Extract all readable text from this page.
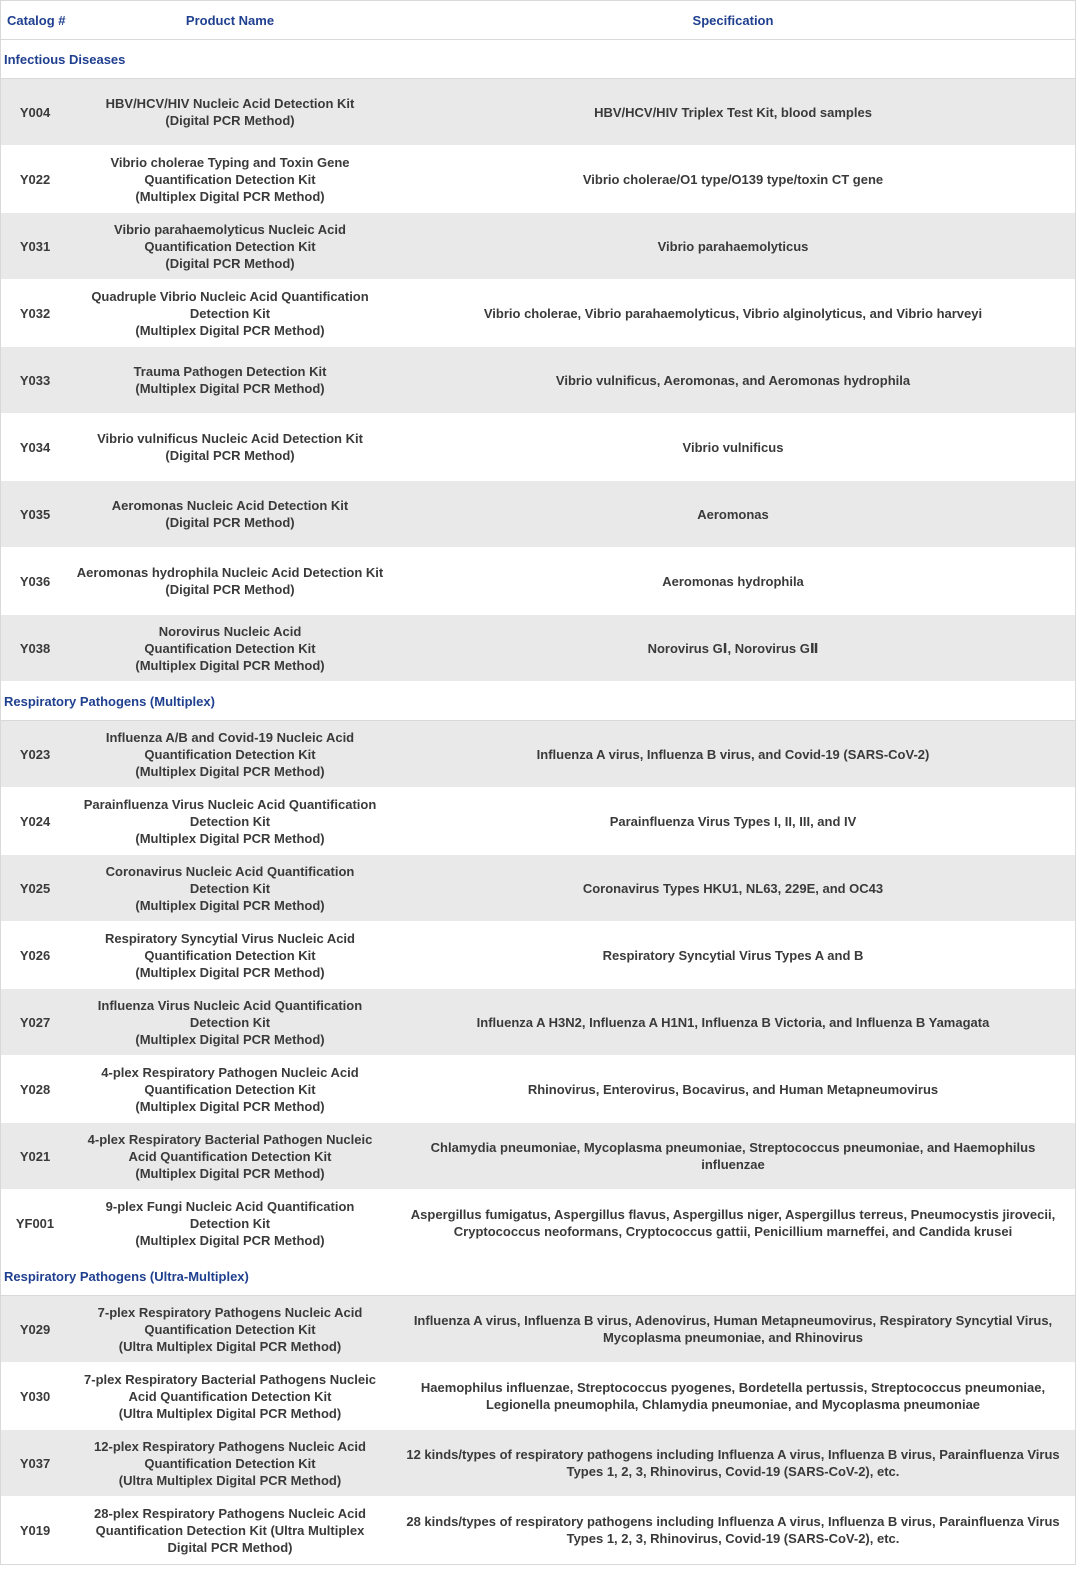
Catalog #	Product Name	Specification
Infectious Diseases		
Y004	HBV/HCV/HIV Nucleic Acid Detection Kit
(Digital PCR Method)	HBV/HCV/HIV Triplex Test Kit, blood samples
Y022	Vibrio cholerae Typing and Toxin Gene
Quantification Detection Kit
(Multiplex Digital PCR Method)	Vibrio cholerae/O1 type/O139 type/toxin CT gene
Y031	Vibrio parahaemolyticus Nucleic Acid
Quantification Detection Kit
(Digital PCR Method)	Vibrio parahaemolyticus
Y032	Quadruple Vibrio Nucleic Acid Quantification
Detection Kit
(Multiplex Digital PCR Method)	Vibrio cholerae, Vibrio parahaemolyticus, Vibrio alginolyticus, and Vibrio harveyi
Y033	Trauma Pathogen Detection Kit
(Multiplex Digital PCR Method)	Vibrio vulnificus, Aeromonas, and Aeromonas hydrophila
Y034	Vibrio vulnificus Nucleic Acid Detection Kit
(Digital PCR Method)	Vibrio vulnificus
Y035	Aeromonas Nucleic Acid Detection Kit
(Digital PCR Method)	Aeromonas
Y036	Aeromonas hydrophila Nucleic Acid Detection Kit
(Digital PCR Method)	Aeromonas hydrophila
Y038	Norovirus Nucleic Acid
Quantification Detection Kit
(Multiplex Digital PCR Method)	Norovirus GⅠ, Norovirus GⅡ
Respiratory Pathogens (Multiplex)		
Y023	Influenza A/B and Covid-19 Nucleic Acid
Quantification Detection Kit
(Multiplex Digital PCR Method)	Influenza A virus, Influenza B virus, and Covid-19 (SARS-CoV-2)
Y024	Parainfluenza Virus Nucleic Acid Quantification
Detection Kit
(Multiplex Digital PCR Method)	Parainfluenza Virus Types I, II, III, and IV
Y025	Coronavirus Nucleic Acid Quantification
Detection Kit
(Multiplex Digital PCR Method)	Coronavirus Types HKU1, NL63, 229E, and OC43
Y026	Respiratory Syncytial Virus Nucleic Acid
Quantification Detection Kit
(Multiplex Digital PCR Method)	Respiratory Syncytial Virus Types A and B
Y027	Influenza Virus Nucleic Acid Quantification
Detection Kit
(Multiplex Digital PCR Method)	Influenza A H3N2, Influenza A H1N1, Influenza B Victoria, and Influenza B Yamagata
Y028	4-plex Respiratory Pathogen Nucleic Acid
Quantification Detection Kit
(Multiplex Digital PCR Method)	Rhinovirus, Enterovirus, Bocavirus, and Human Metapneumovirus
Y021	4-plex Respiratory Bacterial Pathogen Nucleic
Acid Quantification Detection Kit
(Multiplex Digital PCR Method)	Chlamydia pneumoniae, Mycoplasma pneumoniae, Streptococcus pneumoniae, and Haemophilus influenzae
YF001	9-plex Fungi Nucleic Acid Quantification
Detection Kit
(Multiplex Digital PCR Method)	Aspergillus fumigatus, Aspergillus flavus, Aspergillus niger, Aspergillus terreus, Pneumocystis jirovecii, Cryptococcus neoformans, Cryptococcus gattii, Penicillium marneffei, and Candida krusei
Respiratory Pathogens (Ultra-Multiplex)		
Y029	7-plex Respiratory Pathogens Nucleic Acid
Quantification Detection Kit
(Ultra Multiplex Digital PCR Method)	Influenza A virus, Influenza B virus, Adenovirus, Human Metapneumovirus, Respiratory Syncytial Virus, Mycoplasma pneumoniae, and Rhinovirus
Y030	7-plex Respiratory Bacterial Pathogens Nucleic
Acid Quantification Detection Kit
(Ultra Multiplex Digital PCR Method)	Haemophilus influenzae, Streptococcus pyogenes, Bordetella pertussis, Streptococcus pneumoniae, Legionella pneumophila, Chlamydia pneumoniae, and Mycoplasma pneumoniae
Y037	12-plex Respiratory Pathogens Nucleic Acid
Quantification Detection Kit
(Ultra Multiplex Digital PCR Method)	12 kinds/types of respiratory pathogens including Influenza A virus, Influenza B virus, Parainfluenza Virus Types 1, 2, 3, Rhinovirus, Covid-19 (SARS-CoV-2), etc.
Y019	28-plex Respiratory Pathogens Nucleic Acid
Quantification Detection Kit (Ultra Multiplex
Digital PCR Method)	28 kinds/types of respiratory pathogens including Influenza A virus, Influenza B virus, Parainfluenza Virus Types 1, 2, 3, Rhinovirus, Covid-19 (SARS-CoV-2), etc.
